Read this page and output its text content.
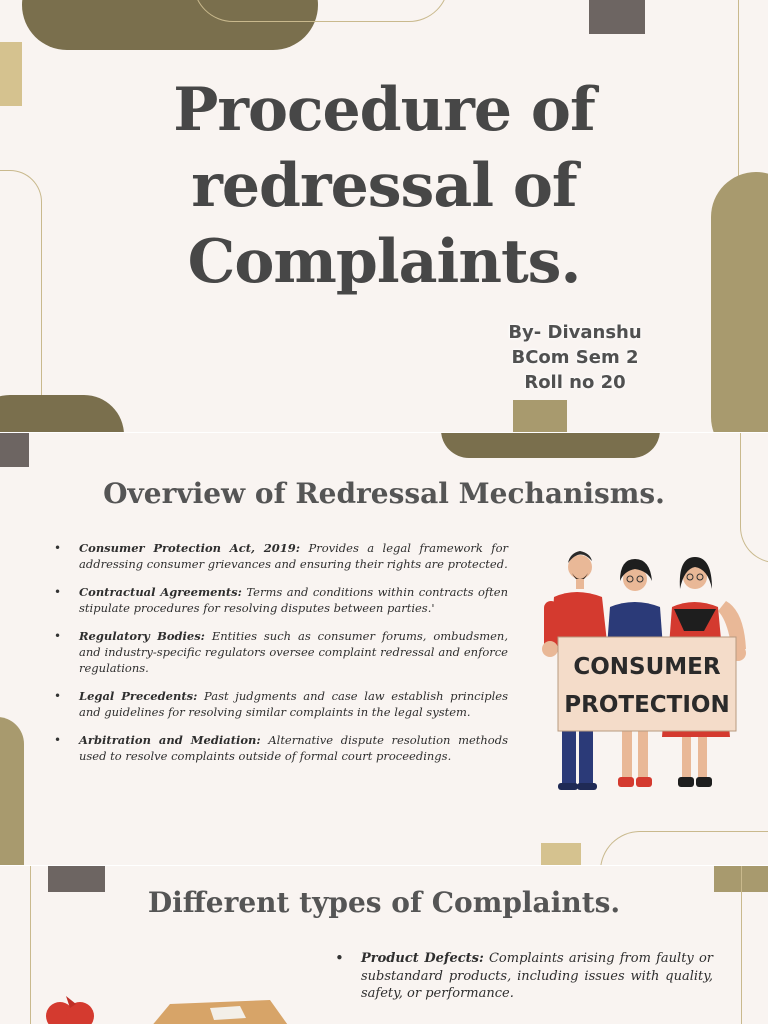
Procedure of redressal of Complaints.
By- Divanshu
BCom Sem 2
Roll no 20
Overview of Redressal Mechanisms.
• Consumer Protection Act, 2019: Provides a legal framework for addressing consumer grievances and ensuring their rights are protected.
• Contractual Agreements: Terms and conditions within contracts often stipulate procedures for resolving disputes between parties.'
• Regulatory Bodies: Entities such as consumer forums, ombudsmen, and industry-specific regulators oversee complaint redressal and enforce regulations.
• Legal Precedents: Past judgments and case law establish principles and guidelines for resolving similar complaints in the legal system.
• Arbitration and Mediation: Alternative dispute resolution methods used to resolve complaints outside of formal court proceedings.
CONSUMER
PROTECTION
Different types of Complaints.
• Product Defects: Complaints arising from faulty or substandard products, including issues with quality, safety, or performance.
